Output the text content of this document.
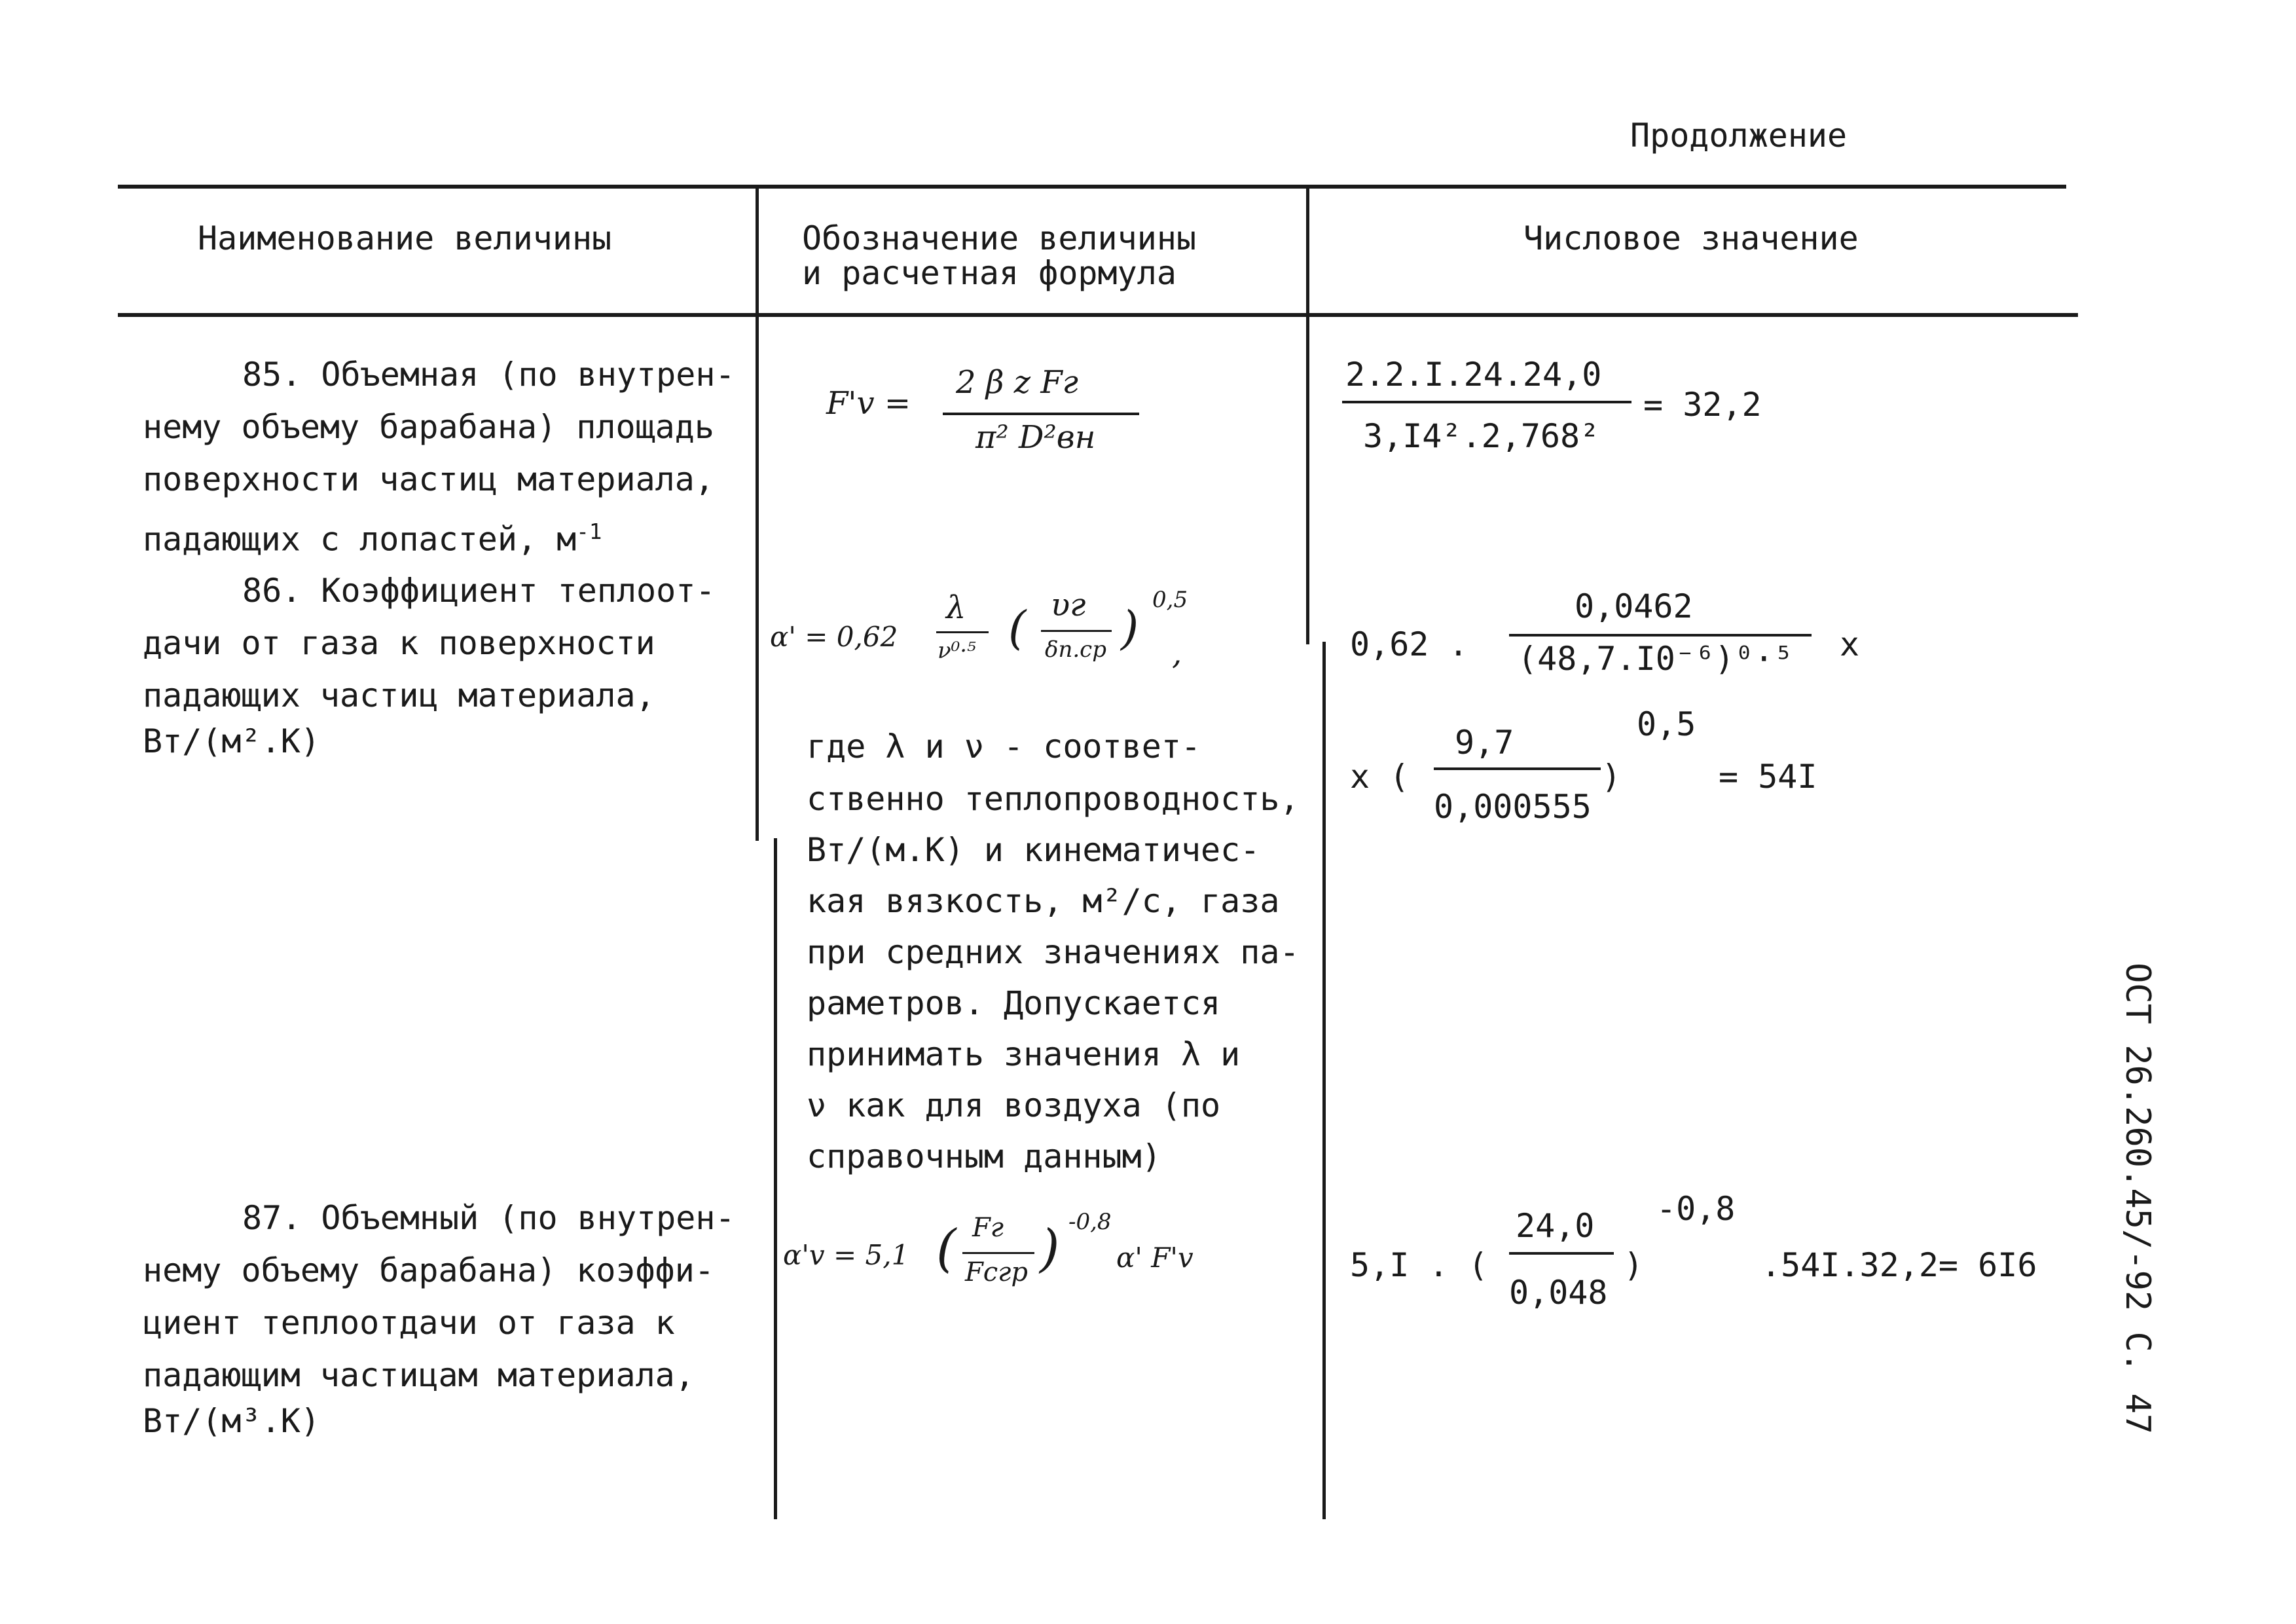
Продолжение
Наименование величины	Обозначение величины
и расчетная формула
Числовое значение
85. Объемная (по внутрен-
нему объему барабана) площадь
поверхности частиц материала,
падающих с лопастей, $м^{-1}$
F'v =
2 β z Fг
π² D²вн
2.2.I.24.24,0
3,I4².2,768²
= 32,2
86. Коэффициент теплоот-
дачи от газа к поверхности
падающих частиц материала,
Вт/(м².К)
α' = 0,62
λ
ν⁰·⁵ ( υг
δп.ср )
0,5
,
где λ и ν - соответ-
ственно теплопроводность,
Вт/(м.К) и кинематичес-
кая вязкость, м²/с, газа
при средних значениях па-
раметров. Допускается
принимать значения λ и
ν как для воздуха (по
справочным данным)
0,62 .
0,0462
(48,7.I0⁻⁶)⁰·⁵ x
x (
9,7
0,000555
)
0,5
= 54I
87. Объемный (по внутрен-
нему объему барабана) коэффи-
циент теплоотдачи от газа к
падающим частицам материала,
Вт/(м³.К)
α'v = 5,1 ( Fг
Fсгр ) -0,8
α' F'v	5,I . (
24,0
0,048
)
-0,8
.54I.32,2= 6I6 ОСТ 26.260.45/-92 С. 47
